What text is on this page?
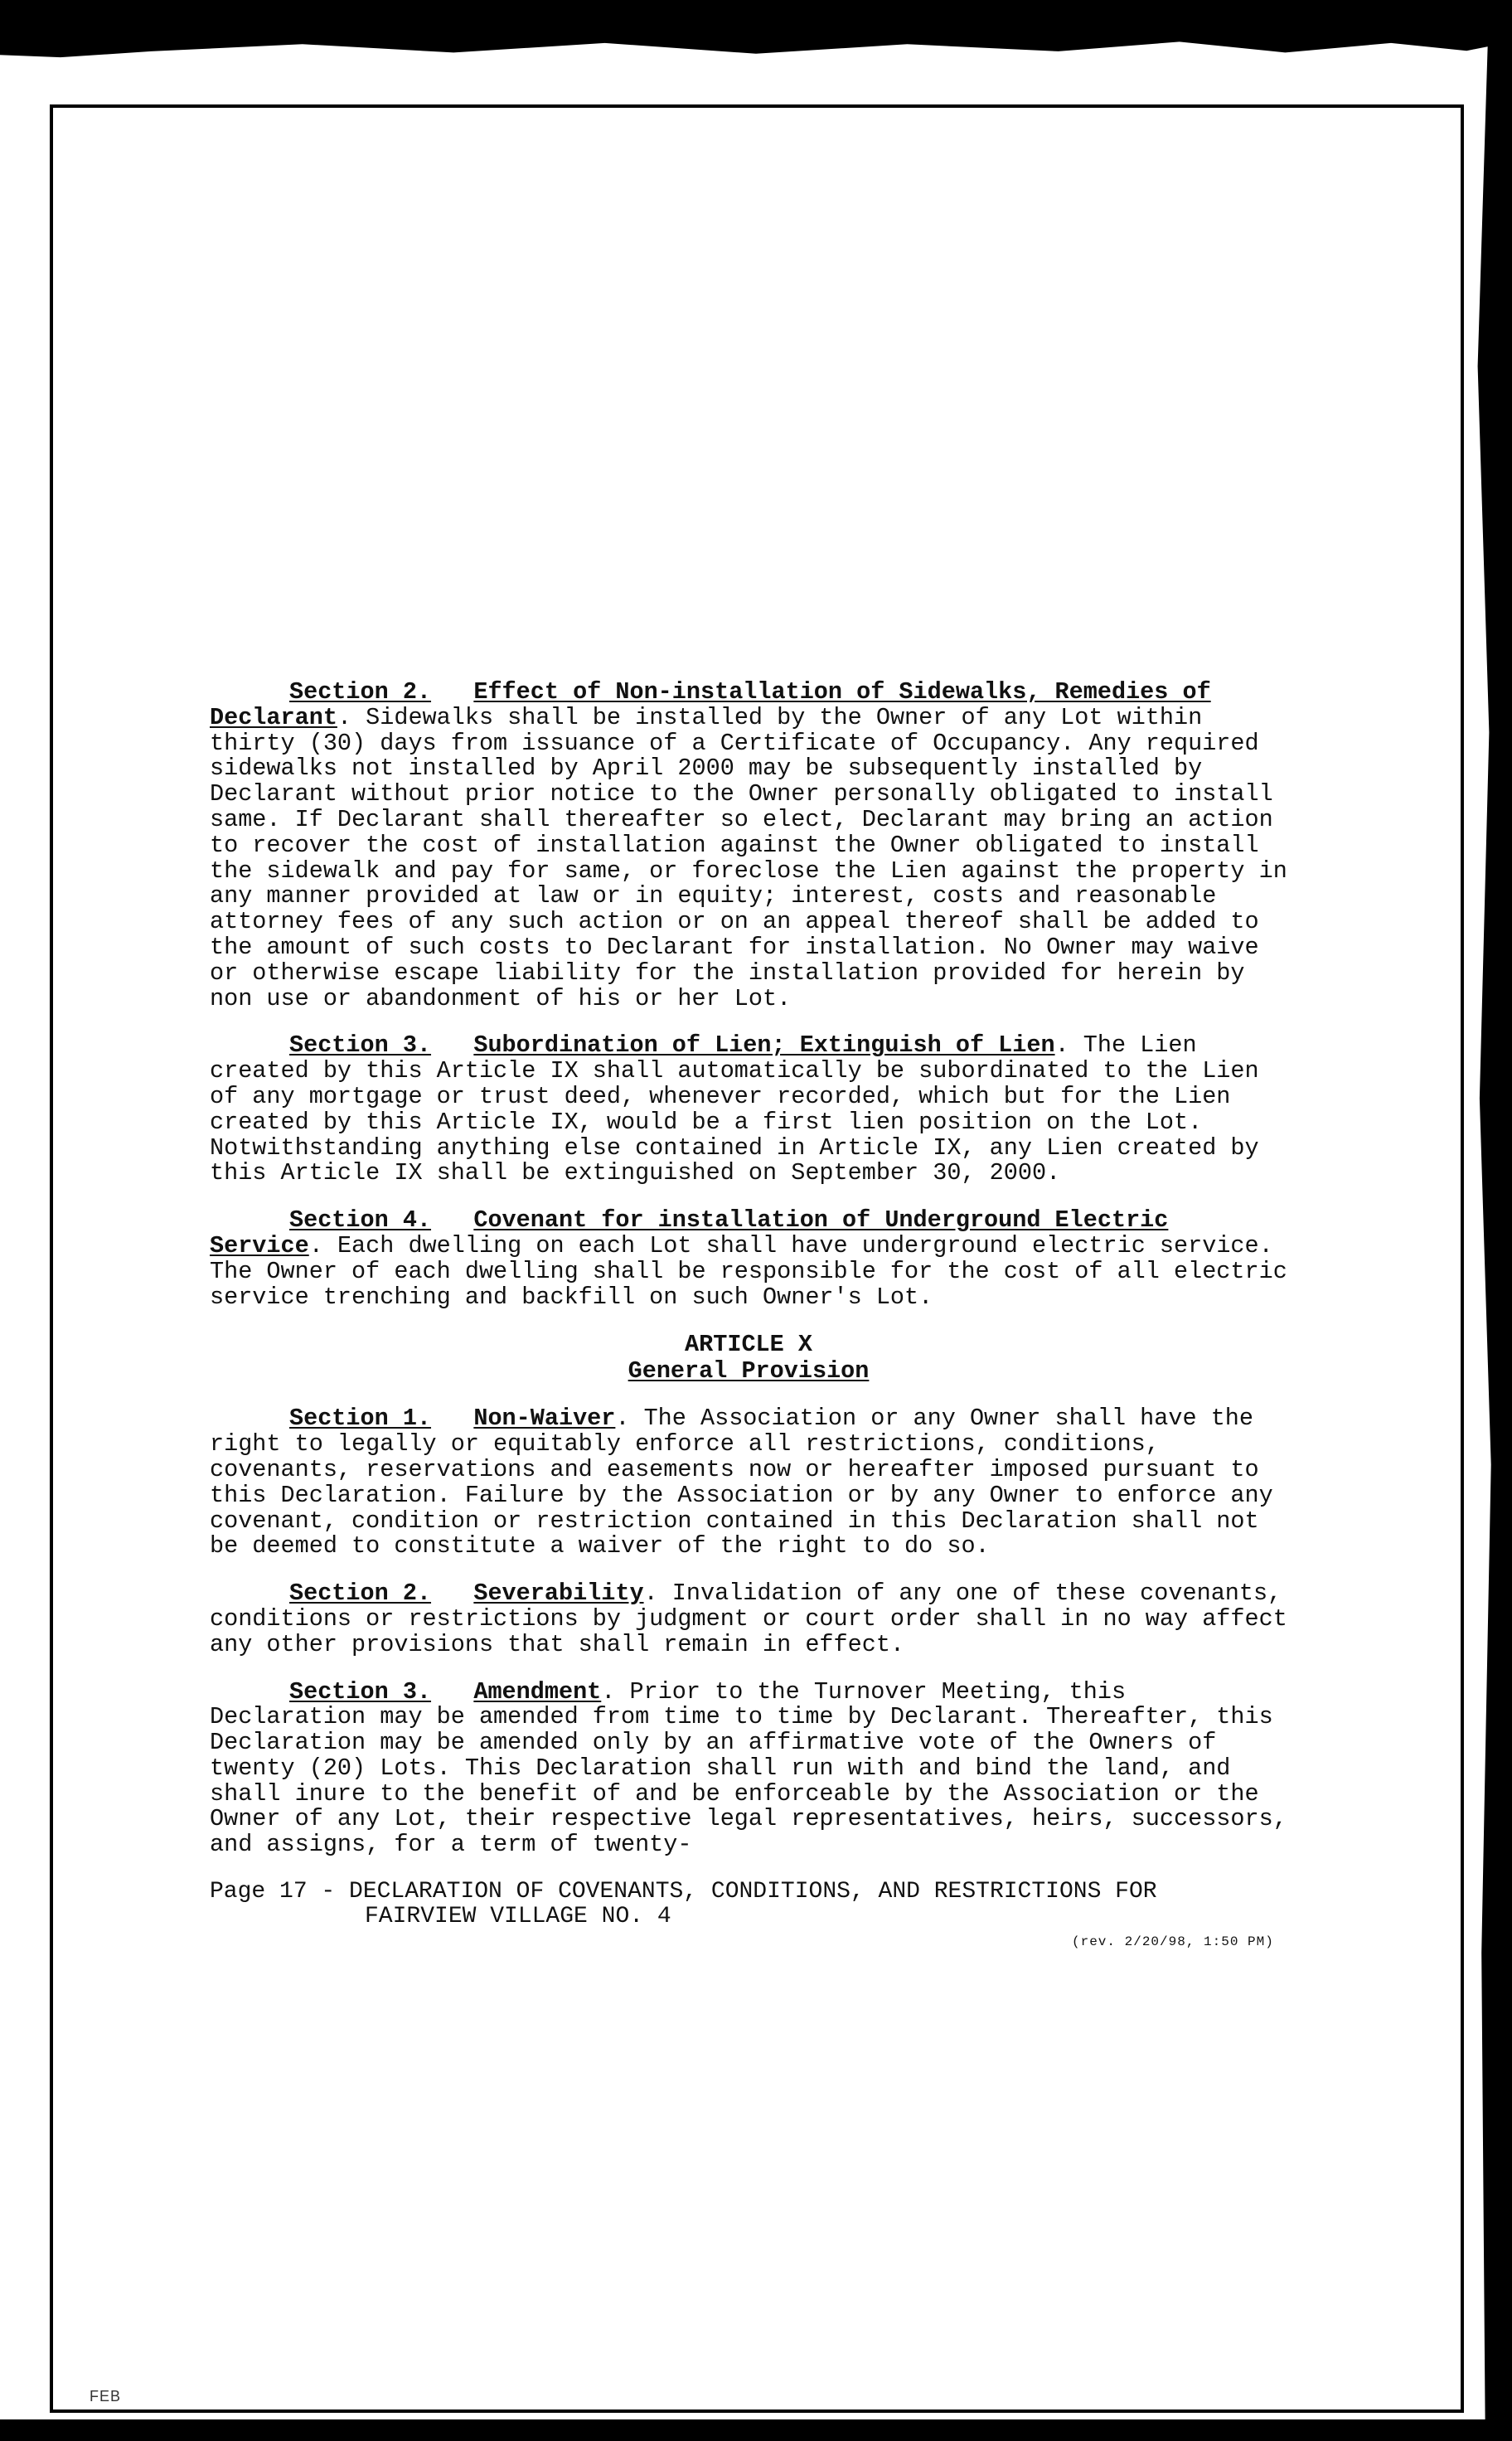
Section 2. Effect of Non-installation of Sidewalks, Remedies of Declarant. Sidewalks shall be installed by the Owner of any Lot within thirty (30) days from issuance of a Certificate of Occupancy. Any required sidewalks not installed by April 2000 may be subsequently installed by Declarant without prior notice to the Owner personally obligated to install same. If Declarant shall thereafter so elect, Declarant may bring an action to recover the cost of installation against the Owner obligated to install the sidewalk and pay for same, or foreclose the Lien against the property in any manner provided at law or in equity; interest, costs and reasonable attorney fees of any such action or on an appeal thereof shall be added to the amount of such costs to Declarant for installation. No Owner may waive or otherwise escape liability for the installation provided for herein by non use or abandonment of his or her Lot.

Section 3. Subordination of Lien; Extinguish of Lien. The Lien created by this Article IX shall automatically be subordinated to the Lien of any mortgage or trust deed, whenever recorded, which but for the Lien created by this Article IX, would be a first lien position on the Lot. Notwithstanding anything else contained in Article IX, any Lien created by this Article IX shall be extinguished on September 30, 2000.

Section 4. Covenant for installation of Underground Electric Service. Each dwelling on each Lot shall have underground electric service. The Owner of each dwelling shall be responsible for the cost of all electric service trenching and backfill on such Owner's Lot.

ARTICLE X
General Provision

Section 1. Non-Waiver. The Association or any Owner shall have the right to legally or equitably enforce all restrictions, conditions, covenants, reservations and easements now or hereafter imposed pursuant to this Declaration. Failure by the Association or by any Owner to enforce any covenant, condition or restriction contained in this Declaration shall not be deemed to constitute a waiver of the right to do so.

Section 2. Severability. Invalidation of any one of these covenants, conditions or restrictions by judgment or court order shall in no way affect any other provisions that shall remain in effect.

Section 3. Amendment. Prior to the Turnover Meeting, this Declaration may be amended from time to time by Declarant. Thereafter, this Declaration may be amended only by an affirmative vote of the Owners of twenty (20) Lots. This Declaration shall run with and bind the land, and shall inure to the benefit of and be enforceable by the Association or the Owner of any Lot, their respective legal representatives, heirs, successors, and assigns, for a term of twenty-

Page 17 - DECLARATION OF COVENANTS, CONDITIONS, AND RESTRICTIONS FOR
FAIRVIEW VILLAGE NO. 4
(rev. 2/20/98, 1:50 PM)
FEB
